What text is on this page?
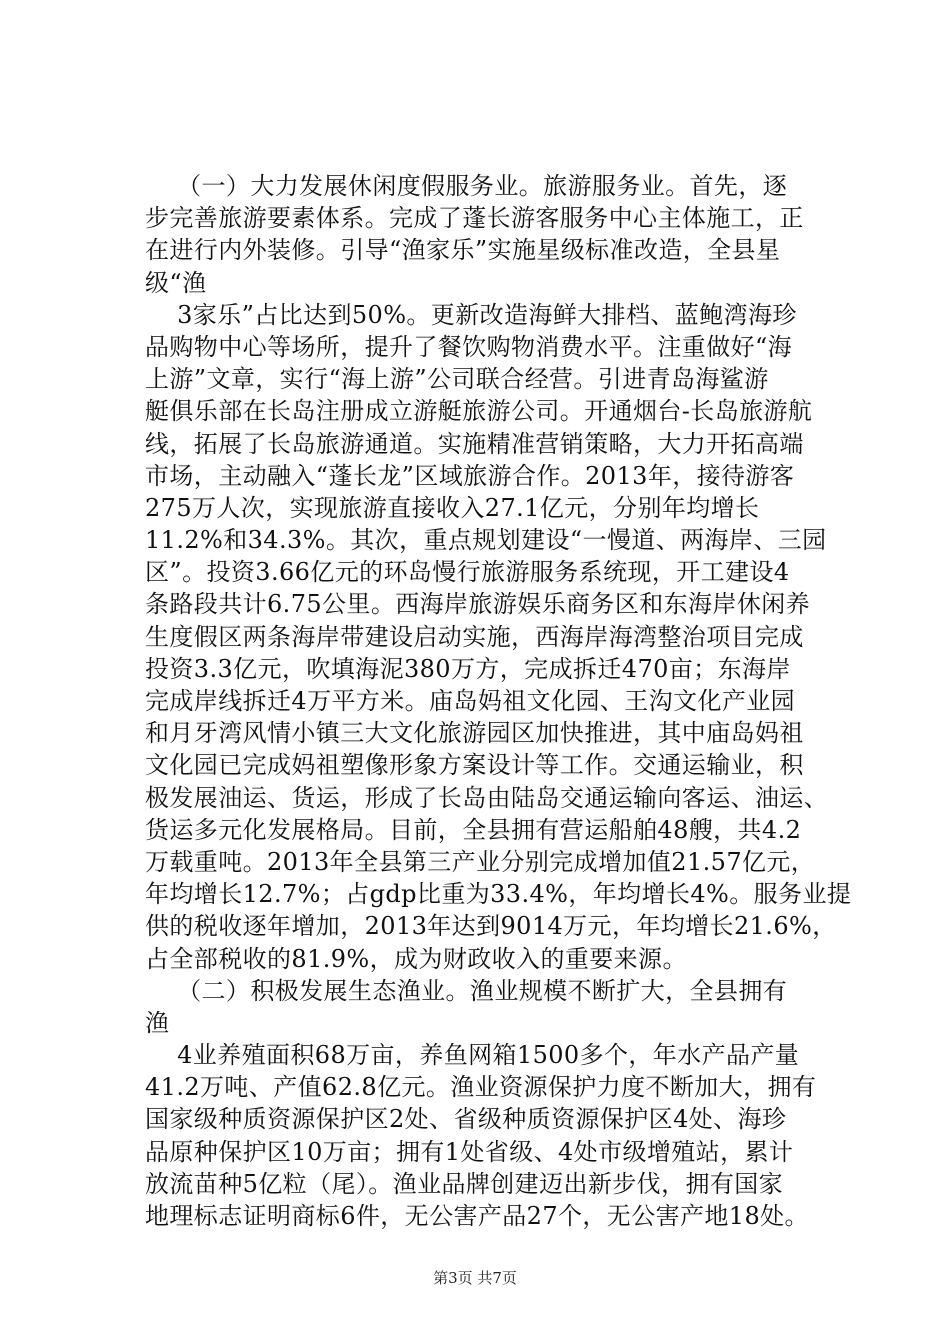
（一）大力发展休闲度假服务业。旅游服务业。首先，逐
步完善旅游要素体系。完成了蓬长游客服务中心主体施工，正
在进行内外装修。引导“渔家乐”实施星级标准改造，全县星
级“渔
3家乐”占比达到50%。更新改造海鲜大排档、蓝鲍湾海珍
品购物中心等场所，提升了餐饮购物消费水平。注重做好“海
上游”文章，实行“海上游”公司联合经营。引进青岛海鲨游
艇俱乐部在长岛注册成立游艇旅游公司。开通烟台-长岛旅游航
线，拓展了长岛旅游通道。实施精准营销策略，大力开拓高端
市场，主动融入“蓬长龙”区域旅游合作。2013年，接待游客
275万人次，实现旅游直接收入27.1亿元，分别年均增长
11.2%和34.3%。其次，重点规划建设“一慢道、两海岸、三园
区”。投资3.66亿元的环岛慢行旅游服务系统现，开工建设4
条路段共计6.75公里。西海岸旅游娱乐商务区和东海岸休闲养
生度假区两条海岸带建设启动实施，西海岸海湾整治项目完成
投资3.3亿元，吹填海泥380万方，完成拆迁470亩；东海岸
完成岸线拆迁4万平方米。庙岛妈祖文化园、王沟文化产业园
和月牙湾风情小镇三大文化旅游园区加快推进，其中庙岛妈祖
文化园已完成妈祖塑像形象方案设计等工作。交通运输业，积
极发展油运、货运，形成了长岛由陆岛交通运输向客运、油运、
货运多元化发展格局。目前，全县拥有营运船舶48艘，共4.2
万载重吨。2013年全县第三产业分别完成增加值21.57亿元，
年均增长12.7%；占gdp比重为33.4%，年均增长4%。服务业提
供的税收逐年增加，2013年达到9014万元，年均增长21.6%，
占全部税收的81.9%，成为财政收入的重要来源。
（二）积极发展生态渔业。渔业规模不断扩大，全县拥有
渔
4业养殖面积68万亩，养鱼网箱1500多个，年水产品产量
41.2万吨、产值62.8亿元。渔业资源保护力度不断加大，拥有
国家级种质资源保护区2处、省级种质资源保护区4处、海珍
品原种保护区10万亩；拥有1处省级、4处市级增殖站，累计
放流苗种5亿粒（尾）。渔业品牌创建迈出新步伐，拥有国家
地理标志证明商标6件，无公害产品27个，无公害产地18处。
第3页 共7页
